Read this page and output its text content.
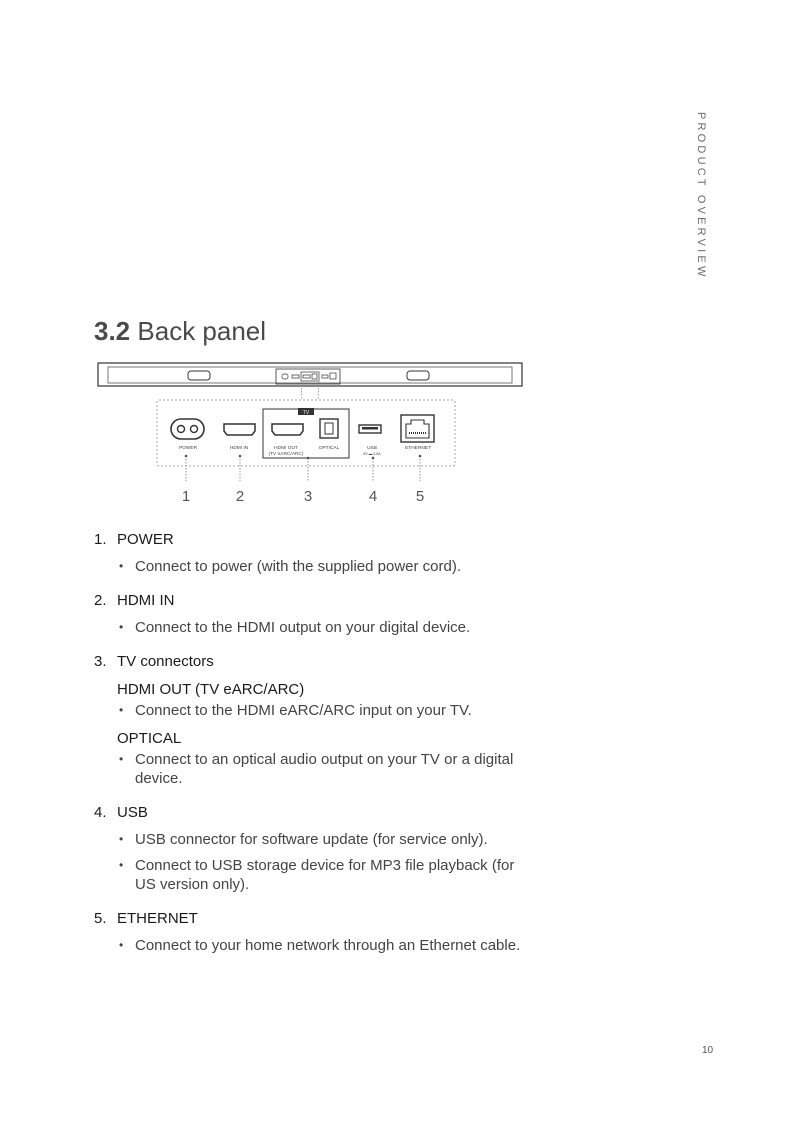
PRODUCT OVERVIEW
3.2 Back panel
TV
POWER	HDMI IN	HDMI OUT
(TV eARC/ARC)
OPTICAL	USB
5V ▬ 0.5A
ETHERNET
1	2	3	4	5
1. POWER
• Connect to power (with the supplied power cord).
2. HDMI IN
• Connect to the HDMI output on your digital device.
3. TV connectors
HDMI OUT (TV eARC/ARC)
• Connect to the HDMI eARC/ARC input on your TV.
OPTICAL
• Connect to an optical audio output on your TV or a digital device.
4. USB
• USB connector for software update (for service only).
• Connect to USB storage device for MP3 file playback (for US version only).
5. ETHERNET
• Connect to your home network through an Ethernet cable.
10
